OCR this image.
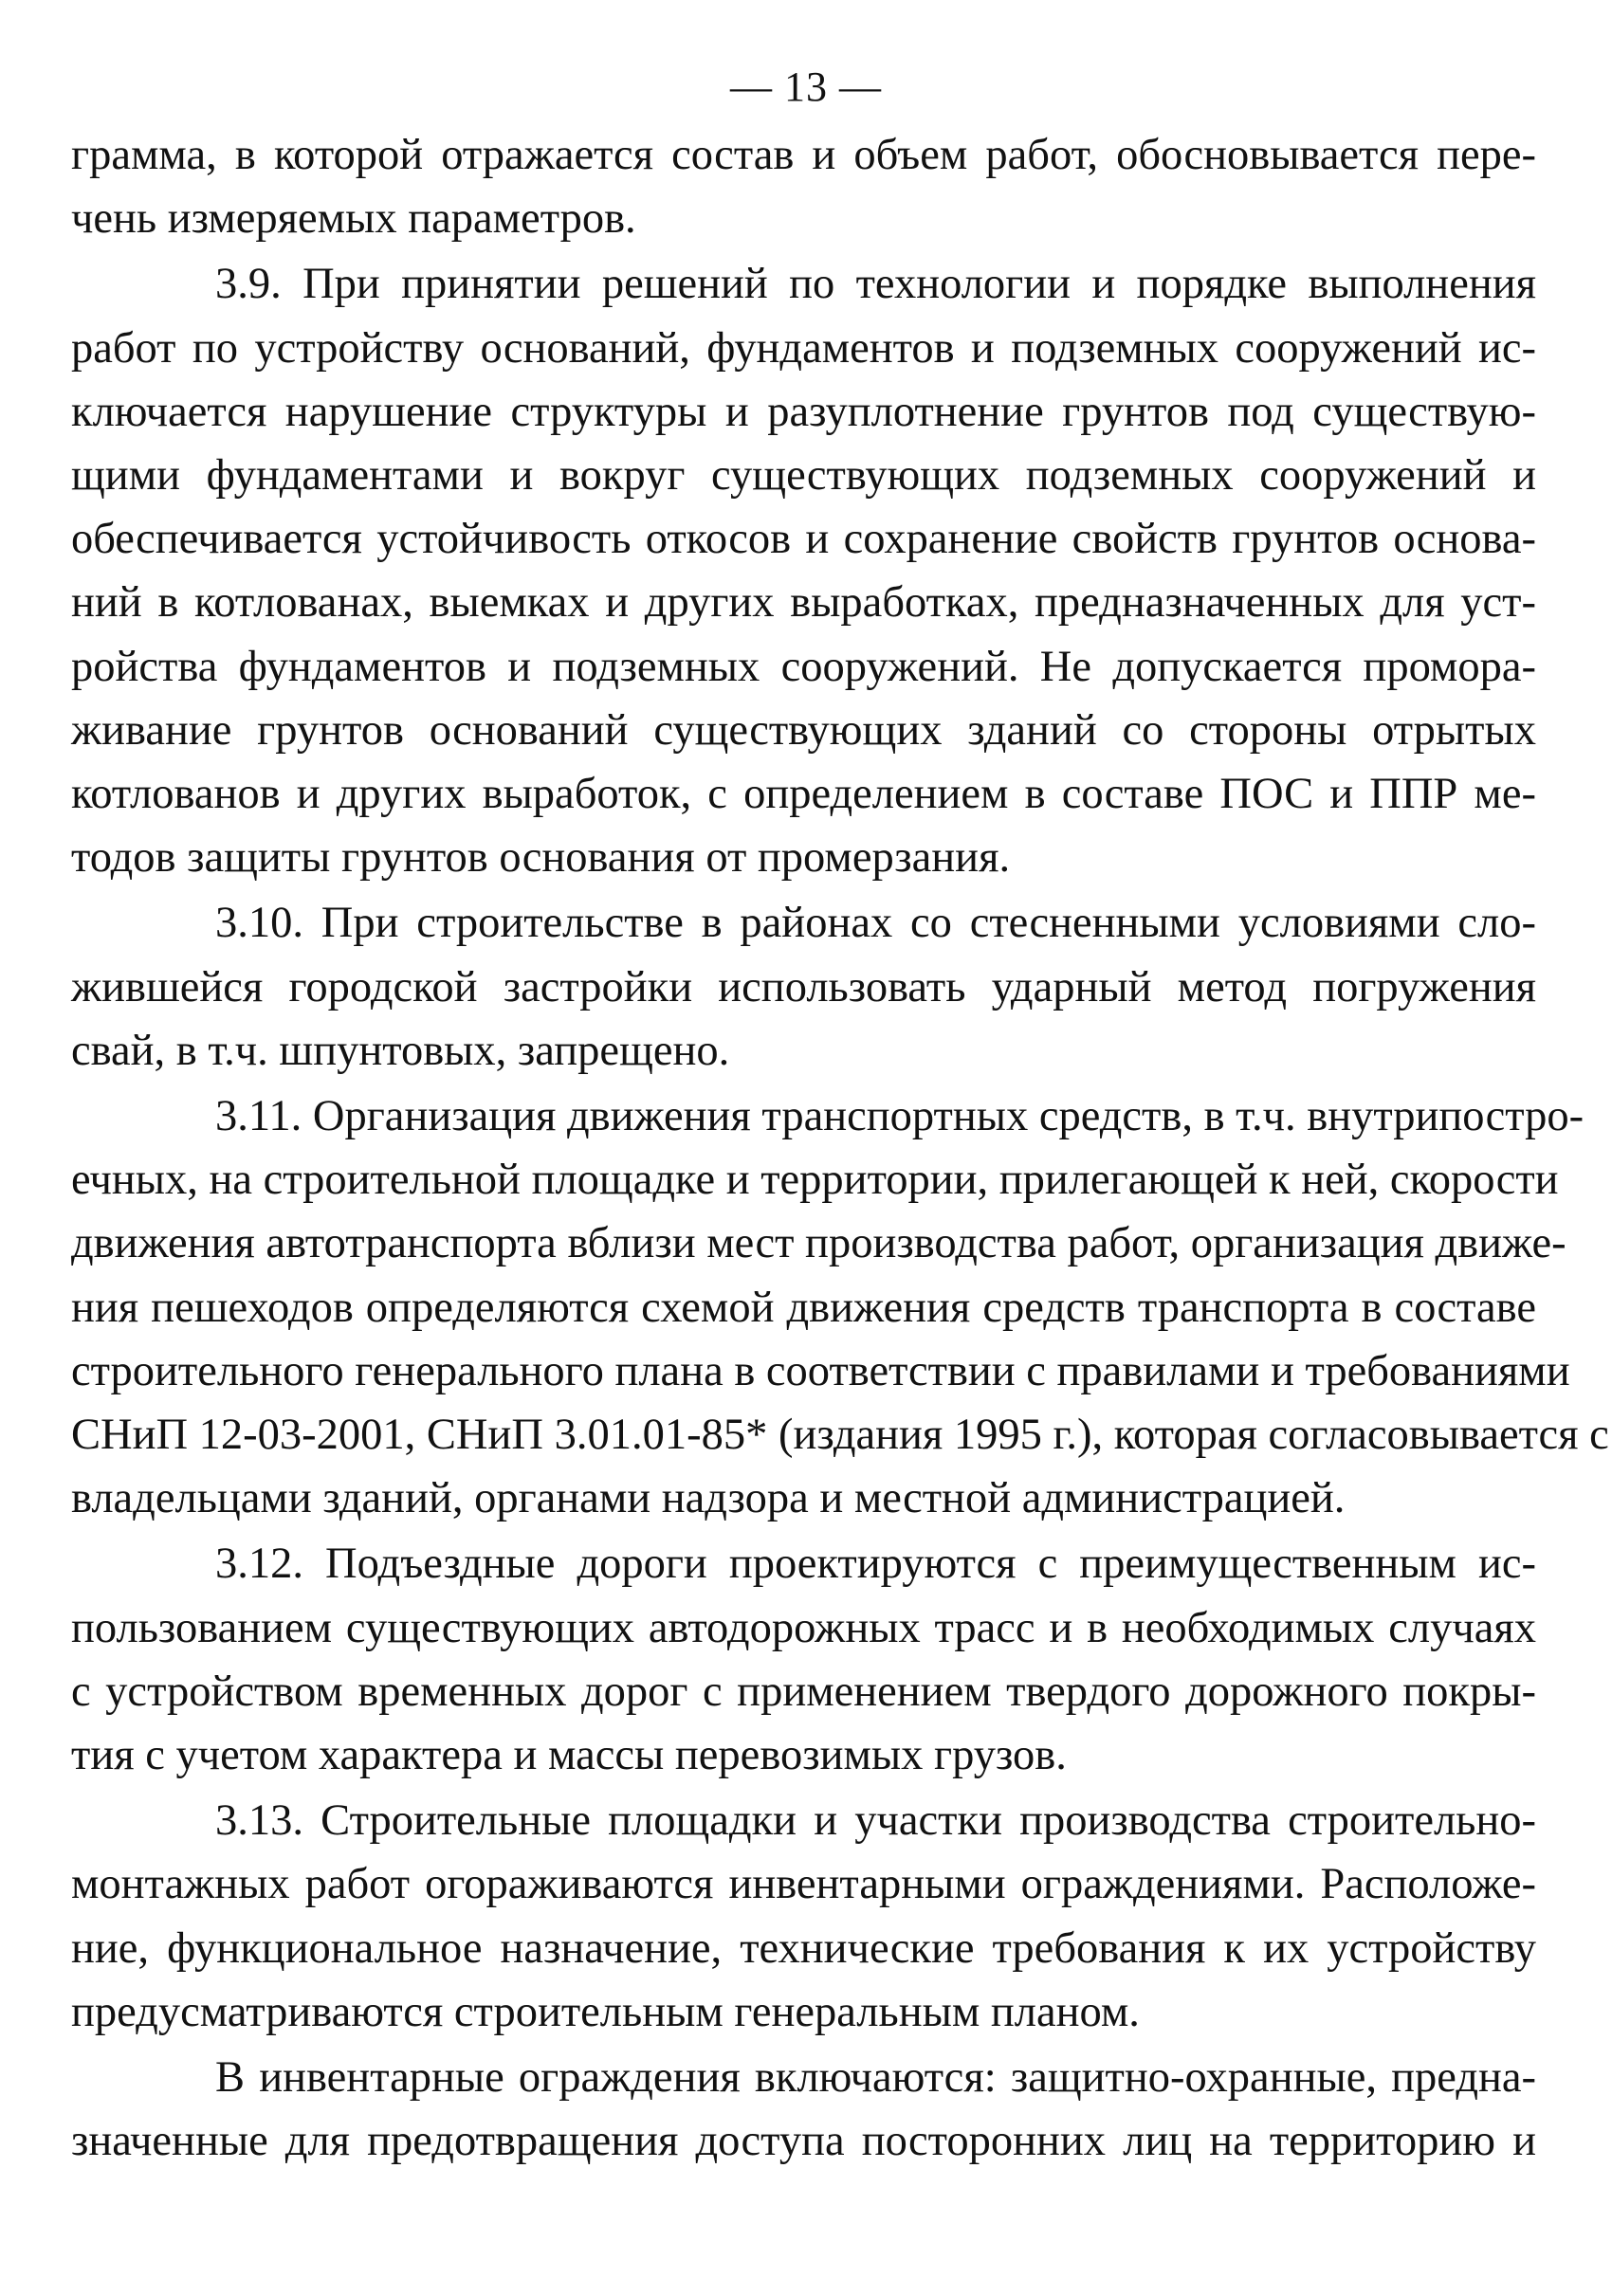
— 13 —

грамма, в которой отражается состав и объем работ, обосновывается пере-
чень измеряемых параметров.

3.9. При принятии решений по технологии и порядке выполнения
работ по устройству оснований, фундаментов и подземных сооружений ис-
ключается нарушение структуры и разуплотнение грунтов под существую-
щими фундаментами и вокруг существующих подземных сооружений и
обеспечивается устойчивость откосов и сохранение свойств грунтов основа-
ний в котлованах, выемках и других выработках, предназначенных для уст-
ройства фундаментов и подземных сооружений. Не допускается проморa-
живание грунтов оснований существующих зданий со стороны отрытых
котлованов и других выработок, с определением в составе ПОС и ППР ме-
тодов защиты грунтов основания от промерзания.

3.10. При строительстве в районах со стесненными условиями сло-
жившейся городской застройки использовать ударный метод погружения
свай, в т.ч. шпунтовых, запрещено.

3.11. Организация движения транспортных средств, в т.ч. внутрипостро-
ечных, на строительной площадке и территории, прилегающей к ней, скорости
движения автотранспорта вблизи мест производства работ, организация движе-
ния пешеходов определяются схемой движения средств транспорта в составе
строительного генерального плана в соответствии с правилами и требованиями
СНиП 12-03-2001, СНиП 3.01.01-85* (издания 1995 г.), которая согласовывается с
владельцами зданий, органами надзора и местной администрацией.

3.12. Подъездные дороги проектируются с преимущественным ис-
пользованием существующих автодорожных трасс и в необходимых случаях
с устройством временных дорог с применением твердого дорожного покры-
тия с учетом характера и массы перевозимых грузов.

3.13. Строительные площадки и участки производства строительно-
монтажных работ огораживаются инвентарными ограждениями. Расположе-
ние, функциональное назначение, технические требования к их устройству
предусматриваются строительным генеральным планом.

В инвентарные ограждения включаются: защитно-охранные, предна-
значенные для предотвращения доступа посторонних лиц на территорию и
